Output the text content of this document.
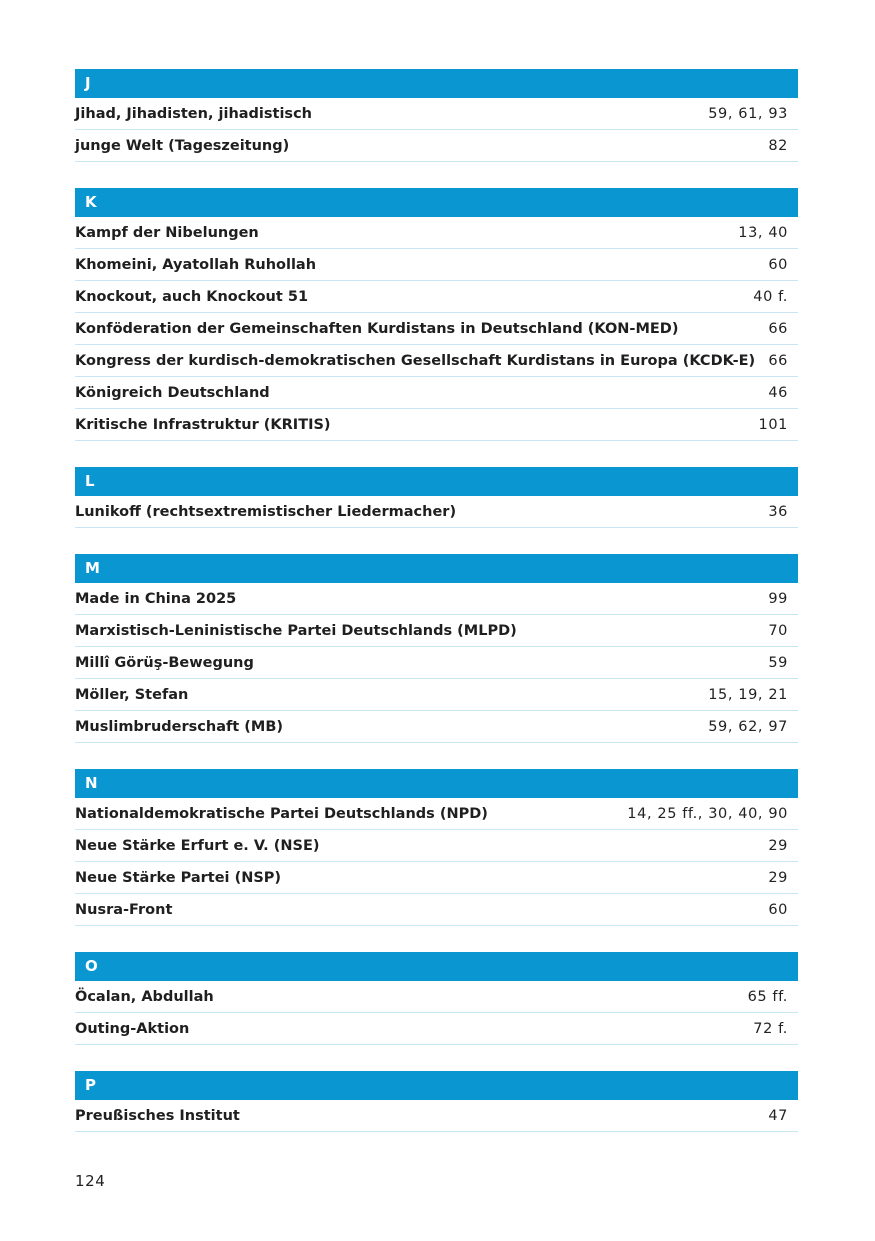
J
Jihad, Jihadisten, jihadistisch	59, 61, 93
junge Welt (Tageszeitung)	82
K
Kampf der Nibelungen	13, 40
Khomeini, Ayatollah Ruhollah	60
Knockout, auch Knockout 51	40 f.
Konföderation der Gemeinschaften Kurdistans in Deutschland (KON-MED)	66
Kongress der kurdisch-demokratischen Gesellschaft Kurdistans in Europa (KCDK-E) 66
Königreich Deutschland	46
Kritische Infrastruktur (KRITIS)	101
L
Lunikoff (rechtsextremistischer Liedermacher)	36
M
Made in China 2025	99
Marxistisch-Leninistische Partei Deutschlands (MLPD)	70
Millî Görüş-Bewegung	59
Möller, Stefan	15, 19, 21
Muslimbruderschaft (MB)	59, 62, 97
N
Nationaldemokratische Partei Deutschlands (NPD)	14, 25 ff., 30, 40, 90
Neue Stärke Erfurt e. V. (NSE)	29
Neue Stärke Partei (NSP)	29
Nusra-Front	60
O
Öcalan, Abdullah	65 ff.
Outing-Aktion	72 f.
P
Preußisches Institut	47
124
